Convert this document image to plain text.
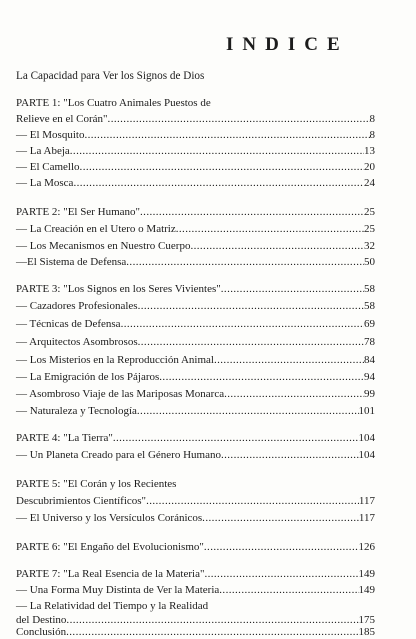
INDICE
La Capacidad para Ver los Signos de Dios
PARTE 1: "Los Cuatro Animales Puestos de
Relieve en el Corán" .....	8
— El Mosquito .....	8
— La Abeja .....	13
— El Camello .....	20
— La Mosca .....	24
PARTE 2: "El Ser Humano" .....	25
— La Creación en el Utero o Matriz .....	25
— Los Mecanismos en Nuestro Cuerpo .....	32
—El Sistema de Defensa .....	50
PARTE 3: "Los Signos en los Seres Vivientes" .....	58
— Cazadores Profesionales .....	58
— Técnicas de Defensa .....	69
— Arquitectos Asombrosos .....	78
— Los Misterios en la Reproducción Animal .....	84
— La Emigración de los Pájaros .....	94
— Asombroso Viaje de las Mariposas Monarca .....	99
— Naturaleza y Tecnología .....	101
PARTE 4: "La Tierra" .....	104
— Un Planeta Creado para el Género Humano .....	104
PARTE 5: "El Corán y los Recientes
Descubrimientos Científicos" .....	117
— El Universo y los Versículos Coránicos .....	117
PARTE 6: "El Engaño del Evolucionismo" .....	126
PARTE 7: "La Real Esencia de la Materia" .....	149
— Una Forma Muy Distinta de Ver la Materia .....	149
— La Relatividad del Tiempo y la Realidad
del Destino .....	175
Conclusión .....	185
